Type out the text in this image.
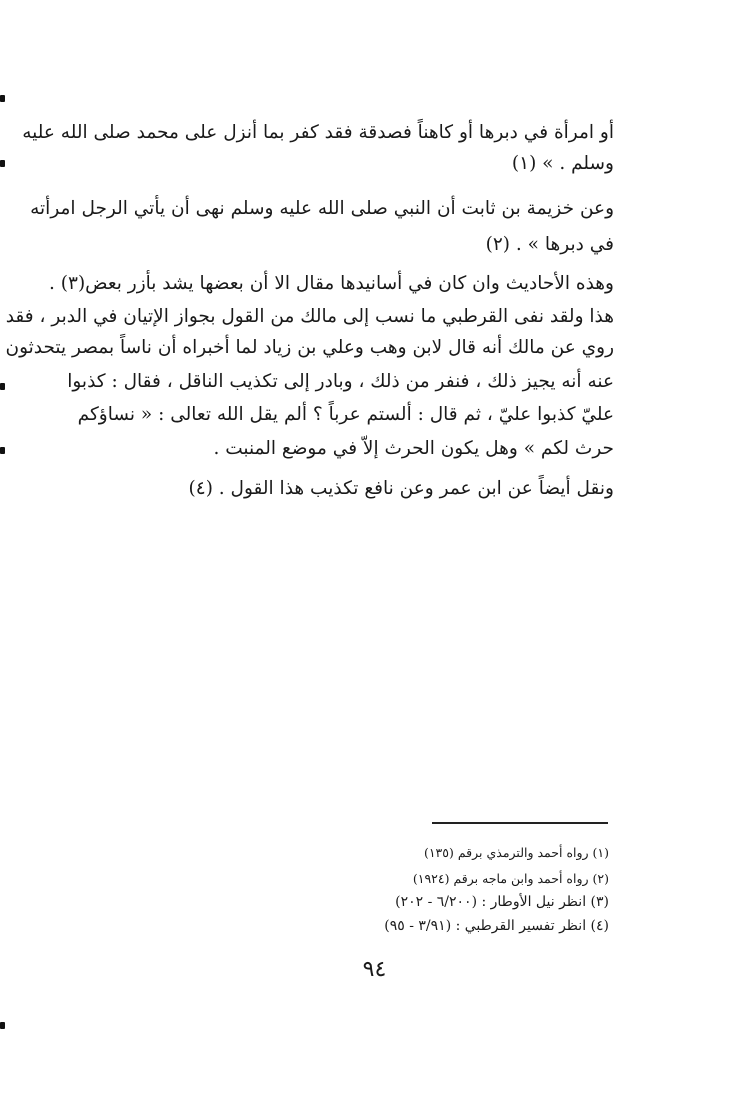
أو امرأة في دبرها أو كاهناً فصدقة فقد كفر بما أنزل على محمد صلى الله عليه
وسلم . » (١)
وعن خزيمة بن ثابت أن النبي صلى الله عليه وسلم نهى أن يأتي الرجل امرأته
في دبرها » . (٢)
وهذه الأحاديث وان كان في أسانيدها مقال الا أن بعضها يشد بأزر بعض(٣) .
هذا ولقد نفى القرطبي ما نسب إلى مالك من القول بجواز الإتيان في الدبر ، فقد
روي عن مالك أنه قال لابن وهب وعلي بن زياد لما أخبراه أن ناساً بمصر يتحدثون
عنه أنه يجيز ذلك ، فنفر من ذلك ، وبادر إلى تكذيب الناقل ، فقال : كذبوا
عليّ كذبوا عليّ ، ثم قال : ألستم عرباً ؟ ألم يقل الله تعالى : « نساؤكم
حرث لكم » وهل يكون الحرث إلاّ في موضع المنبت .
ونقل أيضاً عن ابن عمر وعن نافع تكذيب هذا القول . (٤)
(١) رواه أحمد والترمذي برقم (١٣٥)
(٢) رواه أحمد وابن ماجه برقم (١٩٢٤)
(٣) انظر نيل الأوطار : (٦/٢٠٠ - ٢٠٢)
(٤) انظر تفسير القرطبي : (٣/٩١ - ٩٥)
٩٤
